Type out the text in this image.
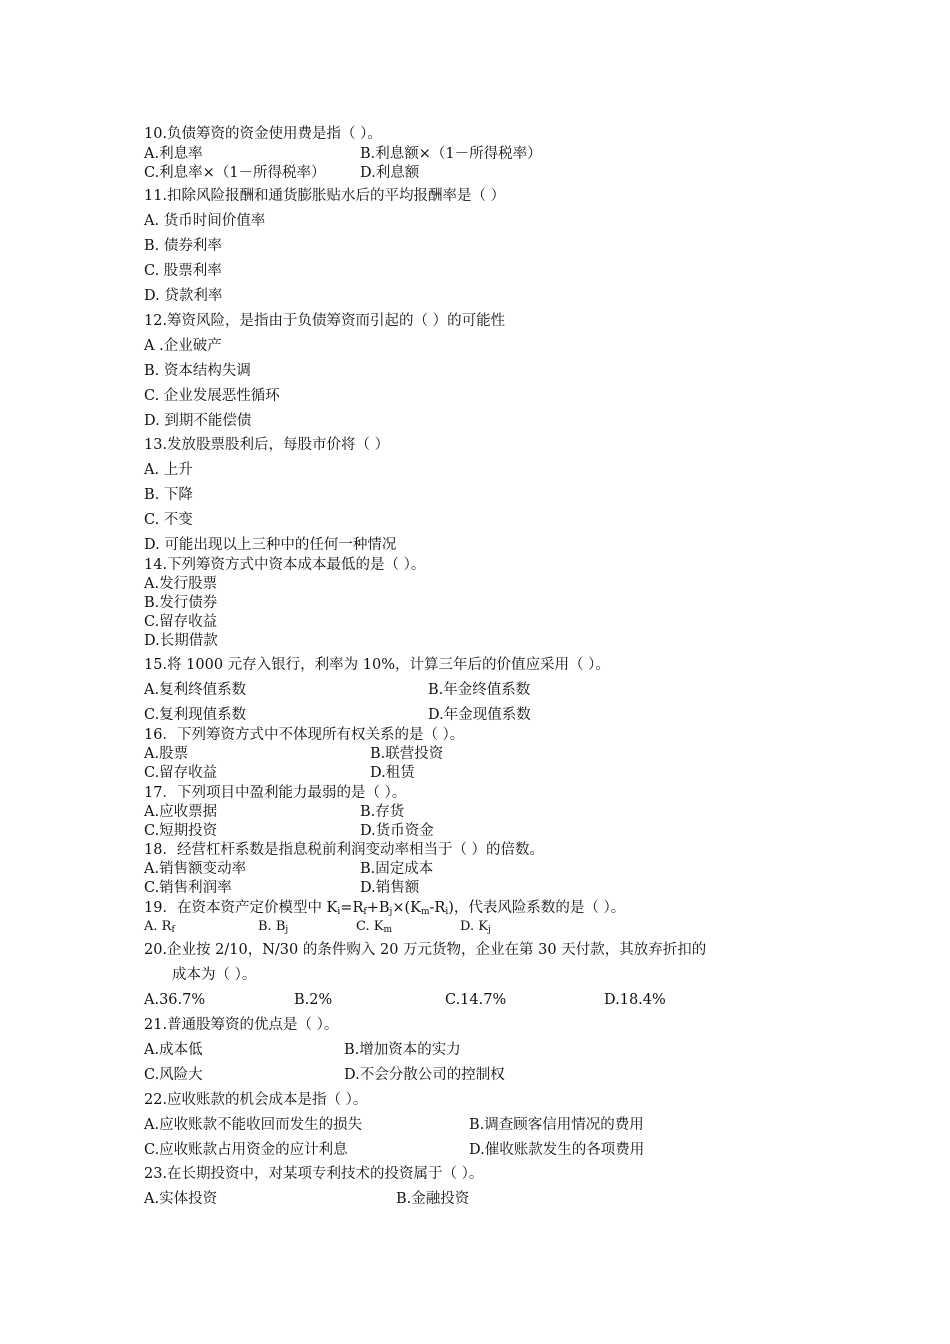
10.负债筹资的资金使用费是指（ ）。
A.利息率	B.利息额×（1－所得税率）
C.利息率×（1－所得税率） D.利息额
11.扣除风险报酬和通货膨胀贴水后的平均报酬率是（ ）
A. 货币时间价值率
B. 债券利率
C. 股票利率
D. 贷款利率
12.筹资风险，是指由于负债筹资而引起的（ ）的可能性
A .企业破产
B. 资本结构失调
C. 企业发展恶性循环
D. 到期不能偿债
13.发放股票股利后，每股市价将（ ）
A. 上升
B. 下降
C. 不变
D. 可能出现以上三种中的任何一种情况
14.下列筹资方式中资本成本最低的是（ ）。
A.发行股票
B.发行债券
C.留存收益
D.长期借款
15.将 1000 元存入银行，利率为 10%，计算三年后的价值应采用（ ）。
A.复利终值系数	B.年金终值系数
C.复利现值系数	D.年金现值系数
16．下列筹资方式中不体现所有权关系的是（ ）。
A.股票	B.联营投资
C.留存收益	D.租赁
17．下列项目中盈利能力最弱的是（ ）。
A.应收票据	B.存货
C.短期投资	D.货币资金
18．经营杠杆系数是指息税前利润变动率相当于（ ）的倍数。
A.销售额变动率	B.固定成本
C.销售利润率	D.销售额
19．在资本资产定价模型中 $K_i=R_f+B_j\times(K_m-R_i)$，代表风险系数的是（ ）。
A. $R_f$	B. $B_j$	C. $K_m$	D. $K_j$
20.企业按 2/10，N/30 的条件购入 20 万元货物，企业在第 30 天付款，其放弃折扣的
成本为（ ）。
A.36.7%	B.2%	C.14.7%	D.18.4%
21.普通股筹资的优点是（ ）。
A.成本低	B.增加资本的实力
C.风险大	D.不会分散公司的控制权
22.应收账款的机会成本是指（ ）。
A.应收账款不能收回而发生的损失	B.调查顾客信用情况的费用
C.应收账款占用资金的应计利息	D.催收账款发生的各项费用
23.在长期投资中，对某项专利技术的投资属于（ ）。
A.实体投资	B.金融投资
